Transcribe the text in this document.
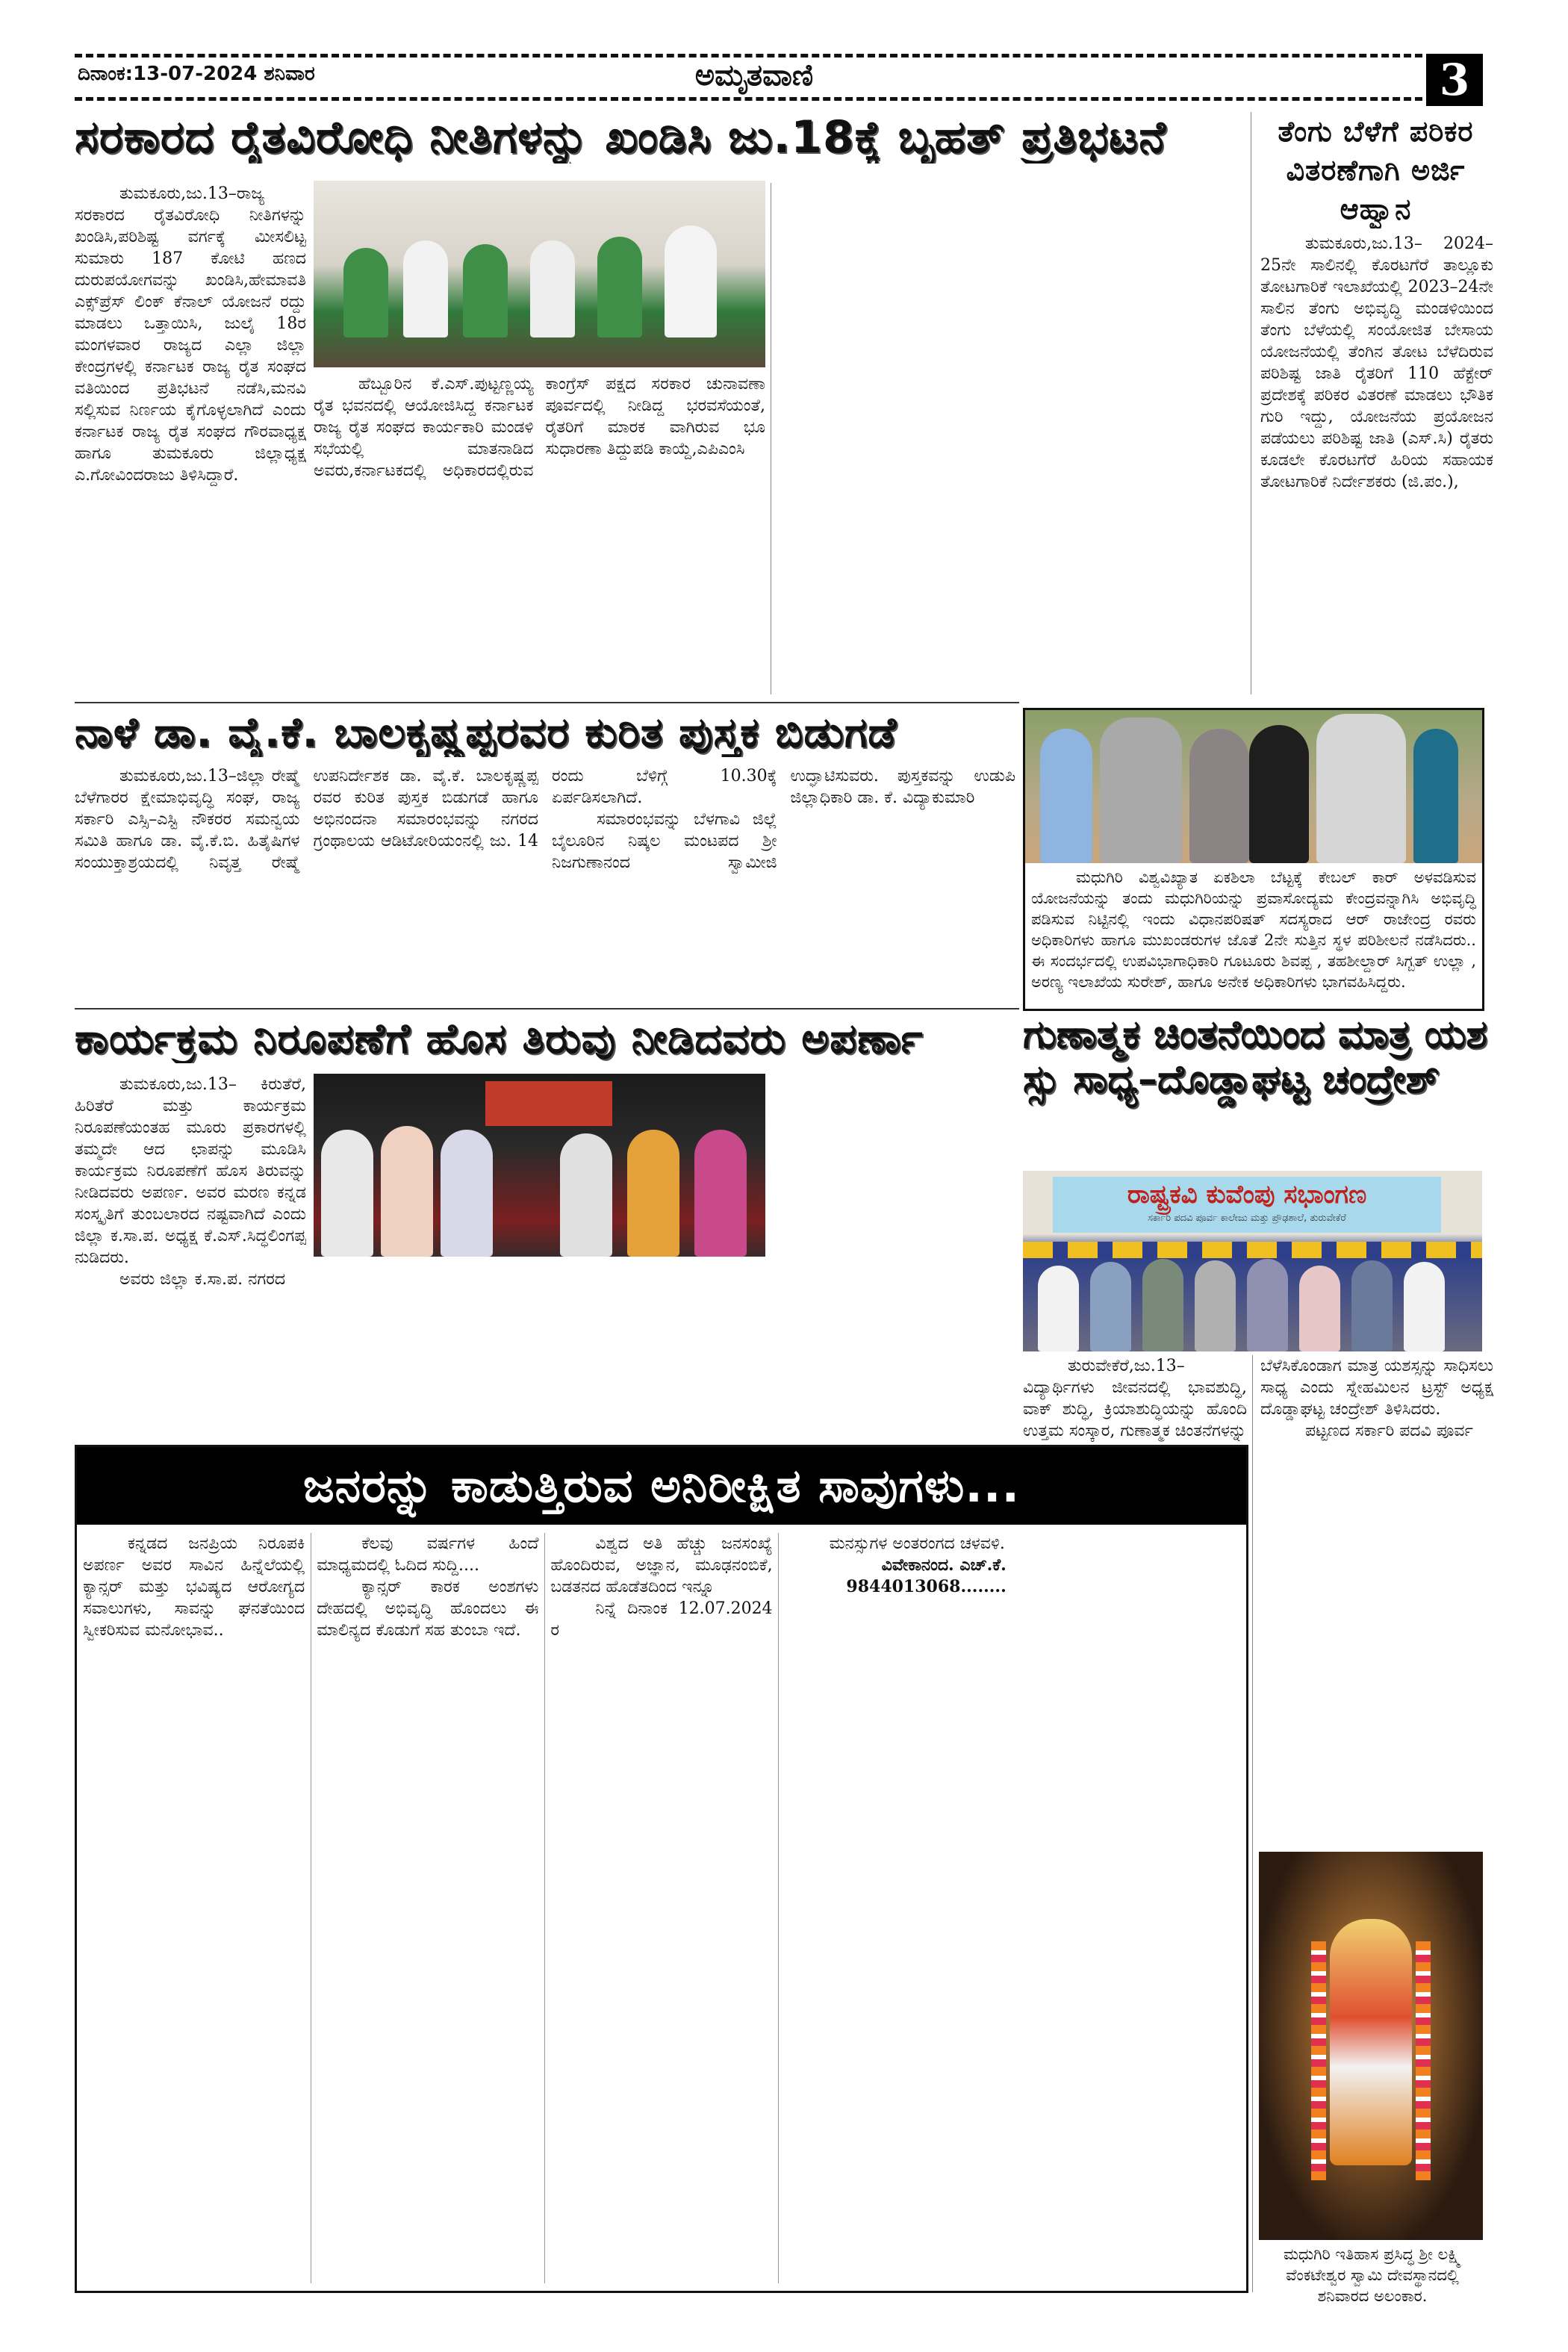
ದಿನಾಂಕ:13-07-2024 ಶನಿವಾರ	ಅಮೃತವಾಣಿ	3
ಸರಕಾರದ ರೈತವಿರೋಧಿ ನೀತಿಗಳನ್ನು ಖಂಡಿಸಿ ಜು.18ಕ್ಕೆ ಬೃಹತ್ ಪ್ರತಿಭಟನೆ

ತುಮಕೂರು,ಜು.13–ರಾಜ್ಯ ಸರಕಾರದ ರೈತವಿರೋಧಿ ನೀತಿಗಳನ್ನು ಖಂಡಿಸಿ,ಪರಿಶಿಷ್ಟ ವರ್ಗಕ್ಕೆ ಮೀಸಲಿಟ್ಟ ಸುಮಾರು 187 ಕೋಟಿ ಹಣದ ದುರುಪಯೋಗವನ್ನು ಖಂಡಿಸಿ,ಹೇಮಾವತಿ ಎಕ್ಸ್‌ಪ್ರೆಸ್ ಲಿಂಕ್ ಕೆನಾಲ್ ಯೋಜನೆ ರದ್ದು ಮಾಡಲು ಒತ್ತಾಯಿಸಿ, ಜುಲೈ 18ರ ಮಂಗಳವಾರ ರಾಜ್ಯದ ಎಲ್ಲಾ ಜಿಲ್ಲಾ ಕೇಂದ್ರಗಳಲ್ಲಿ ಕರ್ನಾಟಕ ರಾಜ್ಯ ರೈತ ಸಂಘದ ವತಿಯಿಂದ ಪ್ರತಿಭಟನೆ ನಡೆಸಿ,ಮನವಿ ಸಲ್ಲಿಸುವ ನಿರ್ಣಯ ಕೈಗೊಳ್ಳಲಾಗಿದೆ ಎಂದು ಕರ್ನಾಟಕ ರಾಜ್ಯ ರೈತ ಸಂಘದ ಗೌರವಾಧ್ಯಕ್ಷ ಹಾಗೂ ತುಮಕೂರು ಜಿಲ್ಲಾಧ್ಯಕ್ಷ ಎ.ಗೋವಿಂದರಾಜು ತಿಳಿಸಿದ್ದಾರೆ.

ಹೆಬ್ಬೂರಿನ ಕೆ.ಎಸ್.ಪುಟ್ಟಣ್ಣಯ್ಯ ರೈತ ಭವನದಲ್ಲಿ ಆಯೋಜಿಸಿದ್ದ ಕರ್ನಾಟಕ ರಾಜ್ಯ ರೈತ ಸಂಘದ ಕಾರ್ಯಕಾರಿ ಮಂಡಳಿ ಸಭೆಯಲ್ಲಿ ಮಾತನಾಡಿದ ಅವರು,ಕರ್ನಾಟಕದಲ್ಲಿ ಅಧಿಕಾರದಲ್ಲಿರುವ ಕಾಂಗ್ರೆಸ್ ಪಕ್ಷದ ಸರಕಾರ ಚುನಾವಣಾ ಪೂರ್ವದಲ್ಲಿ ನೀಡಿದ್ದ ಭರವಸೆಯಂತೆ, ರೈತರಿಗೆ ಮಾರಕ ವಾಗಿರುವ ಭೂ ಸುಧಾರಣಾ ತಿದ್ದುಪಡಿ ಕಾಯ್ದೆ,ಎಪಿಎಂಸಿ

ತೆಂಗು ಬೆಳೆಗೆ ಪರಿಕರ ವಿತರಣೆಗಾಗಿ ಅರ್ಜಿ ಆಹ್ವಾನ

ತುಮಕೂರು,ಜು.13– 2024–25ನೇ ಸಾಲಿನಲ್ಲಿ ಕೊರಟಗೆರೆ ತಾಲ್ಲೂಕು ತೋಟಗಾರಿಕೆ ಇಲಾಖೆಯಲ್ಲಿ 2023–24ನೇ ಸಾಲಿನ ತೆಂಗು ಅಭಿವೃದ್ಧಿ ಮಂಡಳಿಯಿಂದ ತೆಂಗು ಬೆಳೆಯಲ್ಲಿ ಸಂಯೋಜಿತ ಬೇಸಾಯ ಯೋಜನೆಯಲ್ಲಿ ತೆಂಗಿನ ತೋಟ ಬೆಳೆದಿರುವ ಪರಿಶಿಷ್ಟ ಜಾತಿ ರೈತರಿಗೆ 110 ಹೆಕ್ಟೇರ್ ಪ್ರದೇಶಕ್ಕೆ ಪರಿಕರ ವಿತರಣೆ ಮಾಡಲು ಭೌತಿಕ ಗುರಿ ಇದ್ದು, ಯೋಜನೆಯ ಪ್ರಯೋಜನ ಪಡೆಯಲು ಪರಿಶಿಷ್ಟ ಜಾತಿ (ಎಸ್.ಸಿ) ರೈತರು ಕೂಡಲೇ ಕೊರಟಗೆರೆ ಹಿರಿಯ ಸಹಾಯಕ ತೋಟಗಾರಿಕೆ ನಿರ್ದೇಶಕರು (ಜಿ.ಪಂ.),

ನಾಳೆ ಡಾ. ವೈ.ಕೆ. ಬಾಲಕೃಷ್ಣಪ್ಪರವರ ಕುರಿತ ಪುಸ್ತಕ ಬಿಡುಗಡೆ

ತುಮಕೂರು,ಜು.13–ಜಿಲ್ಲಾ ರೇಷ್ಮೆ ಬೆಳೆಗಾರರ ಕ್ಷೇಮಾಭಿವೃದ್ಧಿ ಸಂಘ, ರಾಜ್ಯ ಸರ್ಕಾರಿ ಎಸ್ಸಿ–ಎಸ್ಟಿ ನೌಕರರ ಸಮನ್ವಯ ಸಮಿತಿ ಹಾಗೂ ಡಾ. ವೈ.ಕೆ.ಬಿ. ಹಿತೈಷಿಗಳ ಸಂಯುಕ್ತಾಶ್ರಯದಲ್ಲಿ ನಿವೃತ್ತ ರೇಷ್ಮೆ ಉಪನಿರ್ದೇಶಕ ಡಾ. ವೈ.ಕೆ. ಬಾಲಕೃಷ್ಣಪ್ಪ ರವರ ಕುರಿತ ಪುಸ್ತಕ ಬಿಡುಗಡೆ ಹಾಗೂ ಅಭಿನಂದನಾ ಸಮಾರಂಭವನ್ನು ನಗರದ ಗ್ರಂಥಾಲಯ ಆಡಿಟೋರಿಯಂನಲ್ಲಿ ಜು. 14 ರಂದು ಬೆಳಿಗ್ಗೆ 10.30ಕ್ಕೆ ಏರ್ಪಡಿಸಲಾಗಿದೆ.

ಸಮಾರಂಭವನ್ನು ಬೆಳಗಾವಿ ಜಿಲ್ಲೆ ಬೈಲೂರಿನ ನಿಷ್ಕಲ ಮಂಟಪದ ಶ್ರೀ ನಿಜಗುಣಾನಂದ ಸ್ವಾಮೀಜಿ ಉದ್ಘಾಟಿಸುವರು. ಪುಸ್ತಕವನ್ನು ಉಡುಪಿ ಜಿಲ್ಲಾಧಿಕಾರಿ ಡಾ. ಕೆ. ವಿದ್ಯಾಕುಮಾರಿ

ಮಧುಗಿರಿ ವಿಶ್ವವಿಖ್ಯಾತ ಏಕಶಿಲಾ ಬೆಟ್ಟಕ್ಕೆ ಕೇಬಲ್ ಕಾರ್ ಅಳವಡಿಸುವ ಯೋಜನೆಯನ್ನು ತಂದು ಮಧುಗಿರಿಯನ್ನು ಪ್ರವಾಸೋದ್ಯಮ ಕೇಂದ್ರವನ್ನಾಗಿಸಿ ಅಭಿವೃದ್ಧಿ ಪಡಿಸುವ ನಿಟ್ಟಿನಲ್ಲಿ ಇಂದು ವಿಧಾನಪರಿಷತ್ ಸದಸ್ಯರಾದ ಆರ್ ರಾಜೇಂದ್ರ ರವರು ಅಧಿಕಾರಿಗಳು ಹಾಗೂ ಮುಖಂಡರುಗಳ ಜೊತೆ 2ನೇ ಸುತ್ತಿನ ಸ್ಥಳ ಪರಿಶೀಲನೆ ನಡೆಸಿದರು.. ಈ ಸಂದರ್ಭದಲ್ಲಿ ಉಪವಿಭಾಗಾಧಿಕಾರಿ ಗೂಟೂರು ಶಿವಪ್ಪ , ತಹಶೀಲ್ದಾರ್ ಸಿಗ್ಬತ್ ಉಲ್ಲಾ , ಅರಣ್ಯ ಇಲಾಖೆಯ ಸುರೇಶ್, ಹಾಗೂ ಅನೇಕ ಅಧಿಕಾರಿಗಳು ಭಾಗವಹಿಸಿದ್ದರು.
ಕಾರ್ಯಕ್ರಮ ನಿರೂಪಣೆಗೆ ಹೊಸ ತಿರುವು ನೀಡಿದವರು ಅಪರ್ಣಾ

ತುಮಕೂರು,ಜು.13– ಕಿರುತೆರೆ, ಹಿರಿತೆರೆ ಮತ್ತು ಕಾರ್ಯಕ್ರಮ ನಿರೂಪಣೆಯಂತಹ ಮೂರು ಪ್ರಕಾರಗಳಲ್ಲಿ ತಮ್ಮದೇ ಆದ ಛಾಪನ್ನು ಮೂಡಿಸಿ ಕಾರ್ಯಕ್ರಮ ನಿರೂಪಣೆಗೆ ಹೊಸ ತಿರುವನ್ನು ನೀಡಿದವರು ಅಪರ್ಣ. ಅವರ ಮರಣ ಕನ್ನಡ ಸಂಸ್ಕೃತಿಗೆ ತುಂಬಲಾರದ ನಷ್ಟವಾಗಿದೆ ಎಂದು ಜಿಲ್ಲಾ ಕ.ಸಾ.ಪ. ಅಧ್ಯಕ್ಷ ಕೆ.ಎಸ್.ಸಿದ್ಧಲಿಂಗಪ್ಪ ನುಡಿದರು.

ಅವರು ಜಿಲ್ಲಾ ಕ.ಸಾ.ಪ. ನಗರದ

ರಾಷ್ಟ್ರಕವಿ ಕುವೆಂಪು ಸಭಾಂಗಣ
ಸರ್ಕಾರಿ ಪದವಿ ಪೂರ್ವ ಕಾಲೇಜು ಮತ್ತು ಪ್ರೌಢಶಾಲೆ, ತುರುವೇಕೆರೆ
ಗುಣಾತ್ಮಕ ಚಿಂತನೆಯಿಂದ ಮಾತ್ರ ಯಶಸ್ಸು ಸಾಧ್ಯ–ದೊಡ್ಡಾಘಟ್ಟ ಚಂದ್ರೇಶ್

ತುರುವೇಕೆರೆ,ಜು.13– ವಿದ್ಯಾರ್ಥಿಗಳು ಜೀವನದಲ್ಲಿ ಭಾವಶುದ್ಧಿ, ವಾಕ್ ಶುದ್ಧಿ, ಕ್ರಿಯಾಶುದ್ಧಿಯನ್ನು ಹೊಂದಿ ಉತ್ತಮ ಸಂಸ್ಕಾರ, ಗುಣಾತ್ಮಕ ಚಿಂತನೆಗಳನ್ನು

ಬೆಳೆಸಿಕೊಂಡಾಗ ಮಾತ್ರ ಯಶಸ್ಸನ್ನು ಸಾಧಿಸಲು ಸಾಧ್ಯ ಎಂದು ಸ್ನೇಹಮಿಲನ ಟ್ರಸ್ಟ್ ಅಧ್ಯಕ್ಷ ದೊಡ್ಡಾಘಟ್ಟ ಚಂದ್ರೇಶ್ ತಿಳಿಸಿದರು.

ಪಟ್ಟಣದ ಸರ್ಕಾರಿ ಪದವಿ ಪೂರ್ವ

ಜನರನ್ನು ಕಾಡುತ್ತಿರುವ ಅನಿರೀಕ್ಷಿತ ಸಾವುಗಳು...

ಕನ್ನಡದ ಜನಪ್ರಿಯ ನಿರೂಪಕಿ ಅಪರ್ಣ ಅವರ ಸಾವಿನ ಹಿನ್ನೆಲೆಯಲ್ಲಿ ಕ್ಯಾನ್ಸರ್ ಮತ್ತು ಭವಿಷ್ಯದ ಆರೋಗ್ಯದ ಸವಾಲುಗಳು, ಸಾವನ್ನು ಘನತೆಯಿಂದ ಸ್ವೀಕರಿಸುವ ಮನೋಭಾವ..

ಕೆಲವು ವರ್ಷಗಳ ಹಿಂದೆ ಮಾಧ್ಯಮದಲ್ಲಿ ಓದಿದ ಸುದ್ದಿ....

ಕ್ಯಾನ್ಸರ್ ಕಾರಕ ಅಂಶಗಳು ದೇಹದಲ್ಲಿ ಅಭಿವೃದ್ಧಿ ಹೊಂದಲು ಈ ಮಾಲಿನ್ಯದ ಕೊಡುಗೆ ಸಹ ತುಂಬಾ ಇದೆ.

ವಿಶ್ವದ ಅತಿ ಹೆಚ್ಚು ಜನಸಂಖ್ಯೆ ಹೊಂದಿರುವ, ಅಜ್ಞಾನ, ಮೂಢನಂಬಿಕೆ, ಬಡತನದ ಹೊಡೆತದಿಂದ ಇನ್ನೂ

ನಿನ್ನೆ ದಿನಾಂಕ 12.07.2024 ರ

ಮನಸ್ಸುಗಳ ಅಂತರಂಗದ ಚಳವಳಿ.

ವಿವೇಕಾನಂದ. ಎಚ್.ಕೆ.
9844013068........
ಮಧುಗಿರಿ ಇತಿಹಾಸ ಪ್ರಸಿದ್ಧ ಶ್ರೀ ಲಕ್ಷ್ಮಿ ವೆಂಕಟೇಶ್ವರ ಸ್ವಾಮಿ ದೇವಸ್ಥಾನದಲ್ಲಿ ಶನಿವಾರದ ಅಲಂಕಾರ.
